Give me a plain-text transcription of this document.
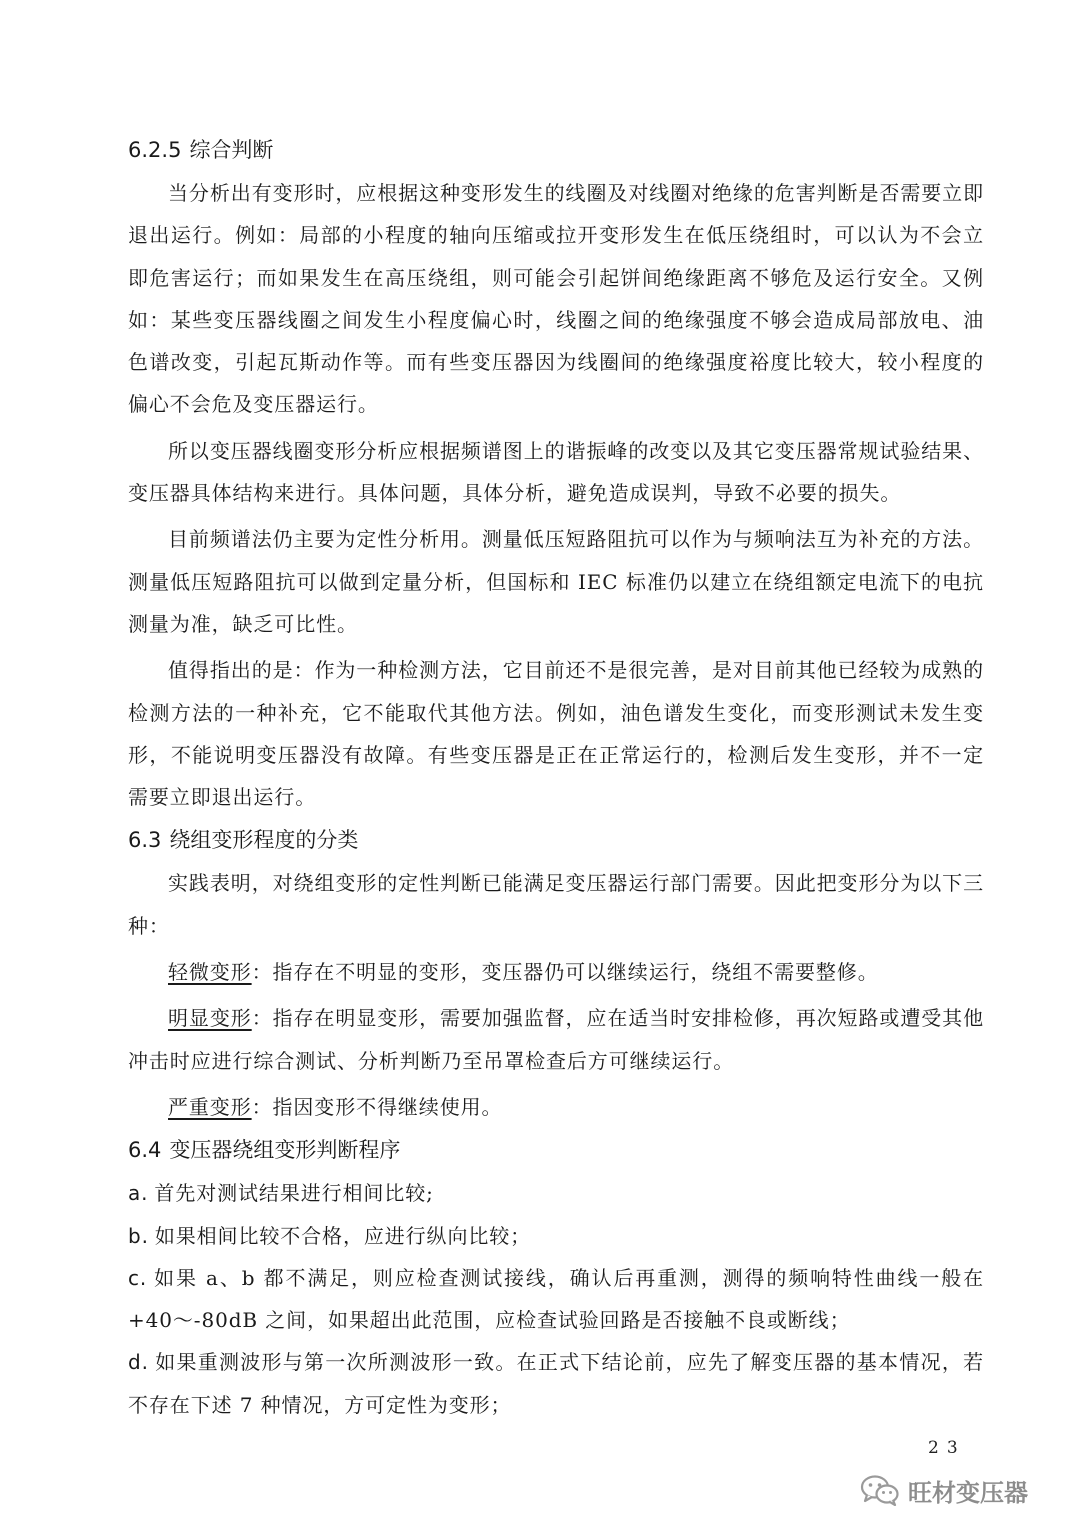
6.2.5 综合判断

当分析出有变形时，应根据这种变形发生的线圈及对线圈对绝缘的危害判断是否需要立即退出运行。例如：局部的小程度的轴向压缩或拉开变形发生在低压绕组时，可以认为不会立即危害运行；而如果发生在高压绕组，则可能会引起饼间绝缘距离不够危及运行安全。又例如：某些变压器线圈之间发生小程度偏心时，线圈之间的绝缘强度不够会造成局部放电、油色谱改变，引起瓦斯动作等。而有些变压器因为线圈间的绝缘强度裕度比较大，较小程度的偏心不会危及变压器运行。

所以变压器线圈变形分析应根据频谱图上的谐振峰的改变以及其它变压器常规试验结果、变压器具体结构来进行。具体问题，具体分析，避免造成误判，导致不必要的损失。

目前频谱法仍主要为定性分析用。测量低压短路阻抗可以作为与频响法互为补充的方法。测量低压短路阻抗可以做到定量分析，但国标和 IEC 标准仍以建立在绕组额定电流下的电抗测量为准，缺乏可比性。

值得指出的是：作为一种检测方法，它目前还不是很完善，是对目前其他已经较为成熟的检测方法的一种补充，它不能取代其他方法。例如，油色谱发生变化，而变形测试未发生变形，不能说明变压器没有故障。有些变压器是正在正常运行的，检测后发生变形，并不一定需要立即退出运行。

6.3 绕组变形程度的分类

实践表明，对绕组变形的定性判断已能满足变压器运行部门需要。因此把变形分为以下三种：

轻微变形：指存在不明显的变形，变压器仍可以继续运行，绕组不需要整修。

明显变形：指存在明显变形，需要加强监督，应在适当时安排检修，再次短路或遭受其他冲击时应进行综合测试、分析判断乃至吊罩检查后方可继续运行。

严重变形：指因变形不得继续使用。

6.4 变压器绕组变形判断程序

a. 首先对测试结果进行相间比较;

b. 如果相间比较不合格，应进行纵向比较；

c. 如果 a、b 都不满足，则应检查测试接线，确认后再重测，测得的频响特性曲线一般在+40～-80dB 之间，如果超出此范围，应检查试验回路是否接触不良或断线；

d. 如果重测波形与第一次所测波形一致。在正式下结论前，应先了解变压器的基本情况，若不存在下述 7 种情况，方可定性为变形；

23
旺材变压器
